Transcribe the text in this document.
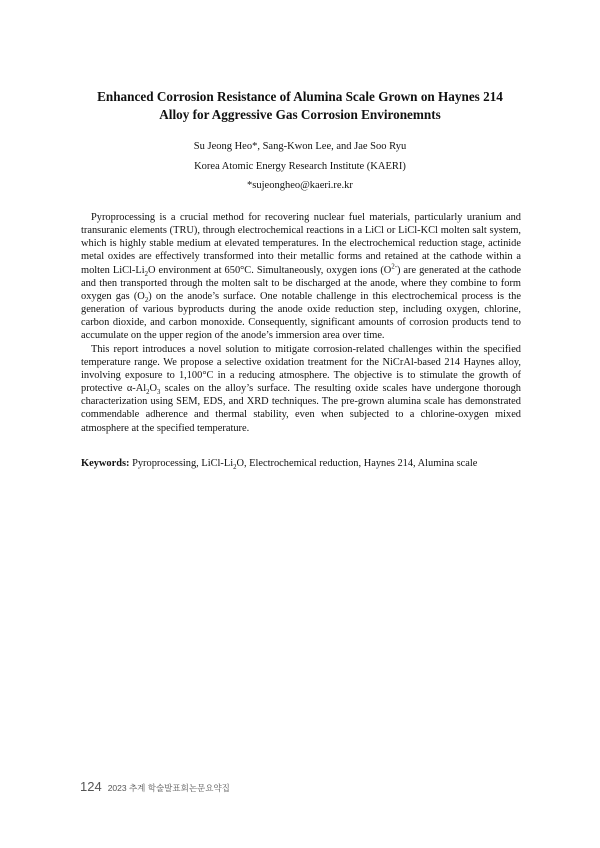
Enhanced Corrosion Resistance of Alumina Scale Grown on Haynes 214
Alloy for Aggressive Gas Corrosion Environemnts
Su Jeong Heo*, Sang-Kwon Lee, and Jae Soo Ryu
Korea Atomic Energy Research Institute (KAERI)
*sujeongheo@kaeri.re.kr

Pyroprocessing is a crucial method for recovering nuclear fuel materials, particularly uranium and transuranic elements (TRU), through electrochemical reactions in a LiCl or LiCl-KCl molten salt system, which is highly stable medium at elevated temperatures. In the electrochemical reduction stage, actinide metal oxides are effectively transformed into their metallic forms and retained at the cathode within a molten LiCl-$Li_2O$ environment at 650°C. Simultaneously, oxygen ions $(O^{2-})$ are generated at the cathode and then transported through the molten salt to be discharged at the anode, where they combine to form oxygen gas $(O_2)$ on the anode’s surface. One notable challenge in this electrochemical process is the generation of various byproducts during the anode oxide reduction step, including oxygen, chlorine, carbon dioxide, and carbon monoxide. Consequently, significant amounts of corrosion products tend to accumulate on the upper region of the anode’s immersion area over time.

This report introduces a novel solution to mitigate corrosion-related challenges within the specified temperature range. We propose a selective oxidation treatment for the NiCrAl-based 214 Haynes alloy, involving exposure to 1,100°C in a reducing atmosphere. The objective is to stimulate the growth of protective $\alpha-Al_2O_3$ scales on the alloy’s surface. The resulting oxide scales have undergone thorough characterization using SEM, EDS, and XRD techniques. The pre-grown alumina scale has demonstrated commendable adherence and thermal stability, even when subjected to a chlorine-oxygen mixed atmosphere at the specified temperature.

Keywords: Pyroprocessing, LiCl-$Li_2O$, Electrochemical reduction, Haynes 214, Alumina scale
124 2023 추계 학술발표회논문요약집
